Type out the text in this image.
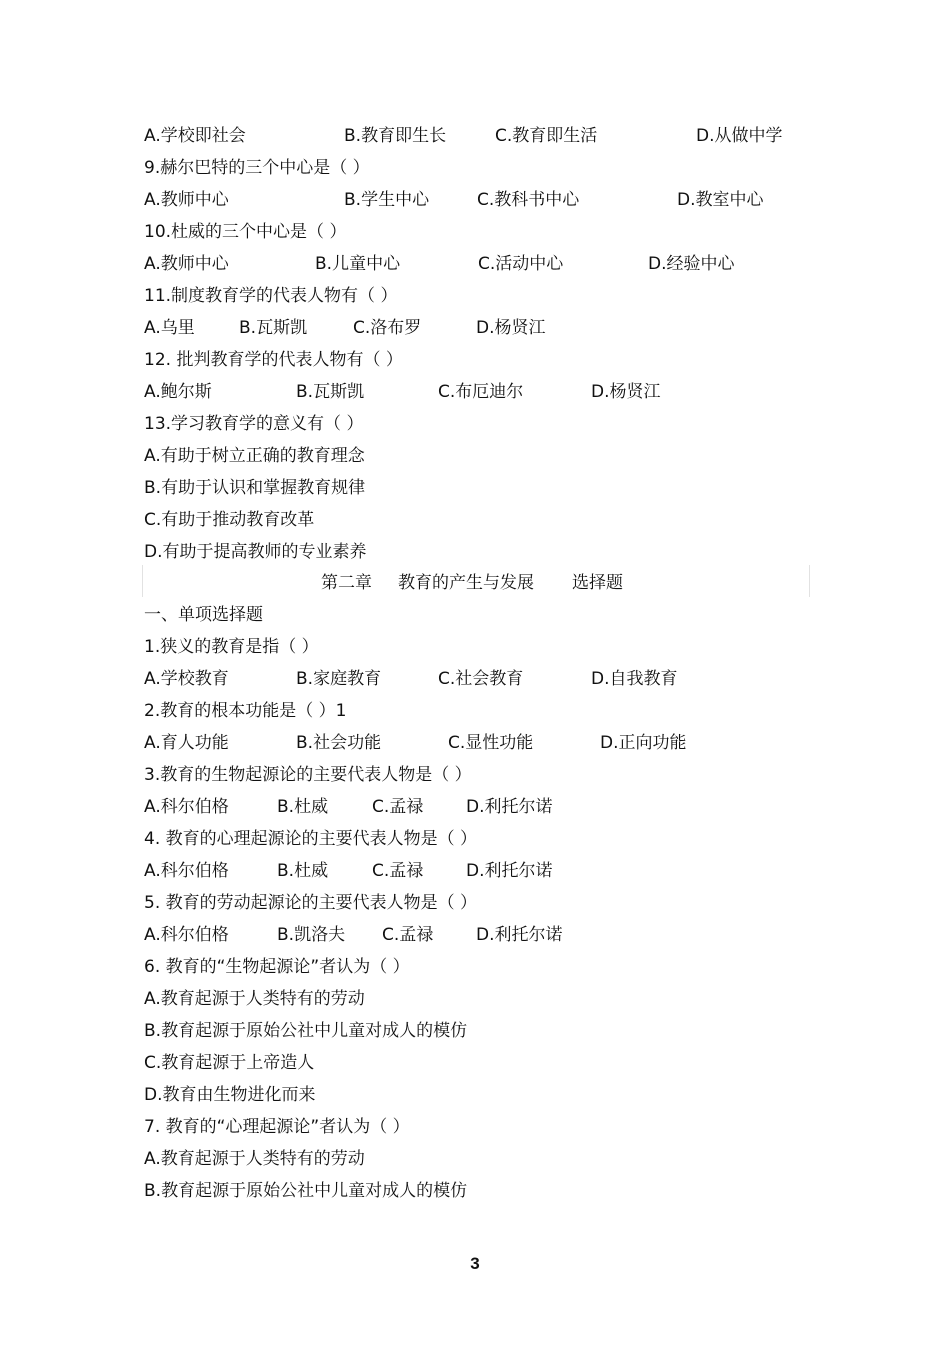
A.学校即社会	B.教育即生长	C.教育即生活	D.从做中学
9.赫尔巴特的三个中心是（ ）
A.教师中心	B.学生中心	C.教科书中心	D.教室中心
10.杜威的三个中心是（ ）
A.教师中心	B.儿童中心	C.活动中心	D.经验中心
11.制度教育学的代表人物有（ ）
A.乌里	B.瓦斯凯	C.洛布罗	D.杨贤江
12. 批判教育学的代表人物有（ ）
A.鲍尔斯	B.瓦斯凯	C.布厄迪尔	D.杨贤江
13.学习教育学的意义有（ ）
A.有助于树立正确的教育理念
B.有助于认识和掌握教育规律
C.有助于推动教育改革
D.有助于提高教师的专业素养
一、单项选择题
1.狭义的教育是指（ ）
A.学校教育	B.家庭教育	C.社会教育	D.自我教育
2.教育的根本功能是（ ）1
A.育人功能	B.社会功能	C.显性功能	D.正向功能
3.教育的生物起源论的主要代表人物是（ ）
A.科尔伯格	B.杜威	C.孟禄	D.利托尔诺
4. 教育的心理起源论的主要代表人物是（ ）
A.科尔伯格	B.杜威	C.孟禄	D.利托尔诺
5. 教育的劳动起源论的主要代表人物是（ ）
A.科尔伯格	B.凯洛夫 C.孟禄	D.利托尔诺
6. 教育的“生物起源论”者认为（ ）
A.教育起源于人类特有的劳动
B.教育起源于原始公社中儿童对成人的模仿
C.教育起源于上帝造人
D.教育由生物进化而来
7. 教育的“心理起源论”者认为（ ）
A.教育起源于人类特有的劳动
B.教育起源于原始公社中儿童对成人的模仿
第二章 教育的产生与发展 选择题
3
